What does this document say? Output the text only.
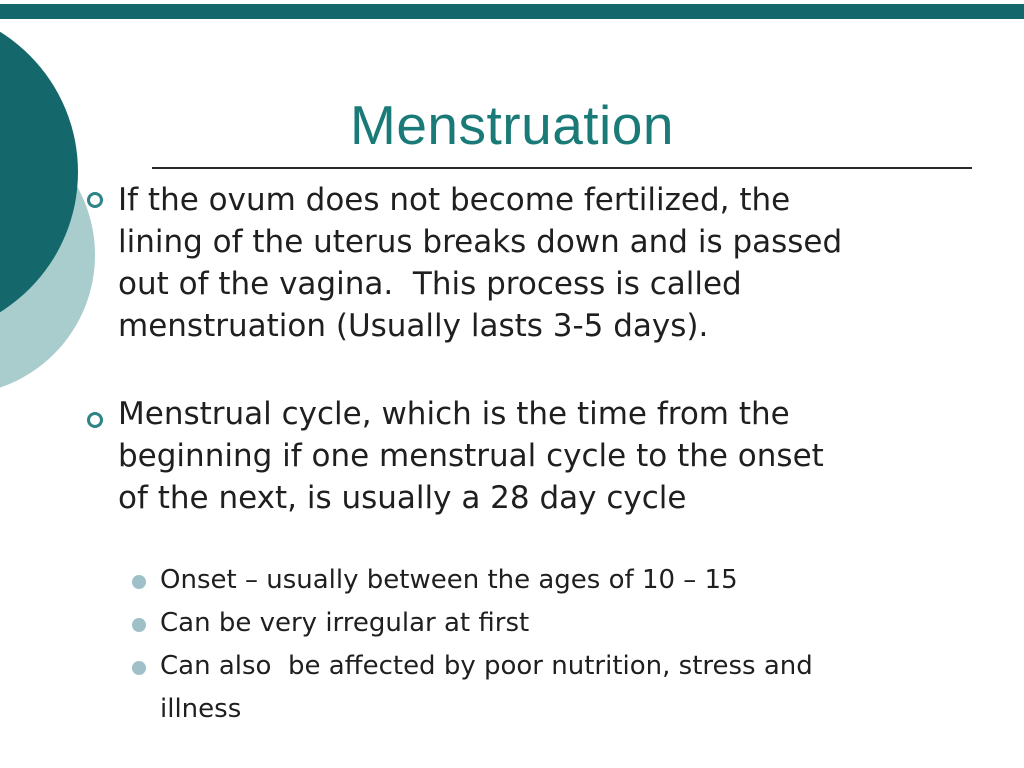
Menstruation
If the ovum does not become fertilized, the
lining of the uterus breaks down and is passed
out of the vagina.  This process is called
menstruation (Usually lasts 3-5 days).
Menstrual cycle, which is the time from the
beginning if one menstrual cycle to the onset
of the next, is usually a 28 day cycle
Onset – usually between the ages of 10 – 15
Can be very irregular at first
Can also  be affected by poor nutrition, stress and
illness
